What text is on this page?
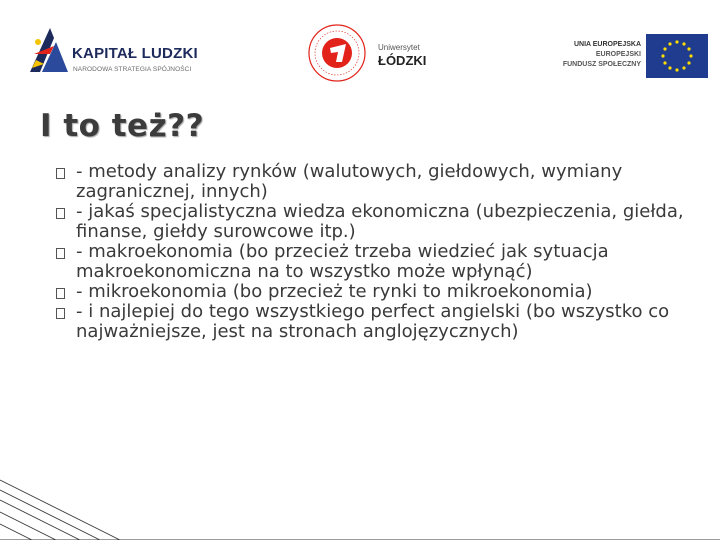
KAPITAŁ LUDZKI
NARODOWA STRATEGIA SPÓJNOŚCI
Uniwersytet
ŁÓDZKI
UNIA EUROPEJSKA
EUROPEJSKI
FUNDUSZ SPOŁECZNY
I to też??

- metody analizy rynków (walutowych, giełdowych, wymiany zagranicznej, innych)

- jakaś specjalistyczna wiedza ekonomiczna (ubezpieczenia, giełda, finanse, giełdy surowcowe itp.)

- makroekonomia (bo przecież trzeba wiedzieć jak sytuacja makroekonomiczna na to wszystko może wpłynąć)

- mikroekonomia (bo przecież te rynki to mikroekonomia)

- i najlepiej do tego wszystkiego perfect angielski (bo wszystko co najważniejsze, jest na stronach anglojęzycznych)
